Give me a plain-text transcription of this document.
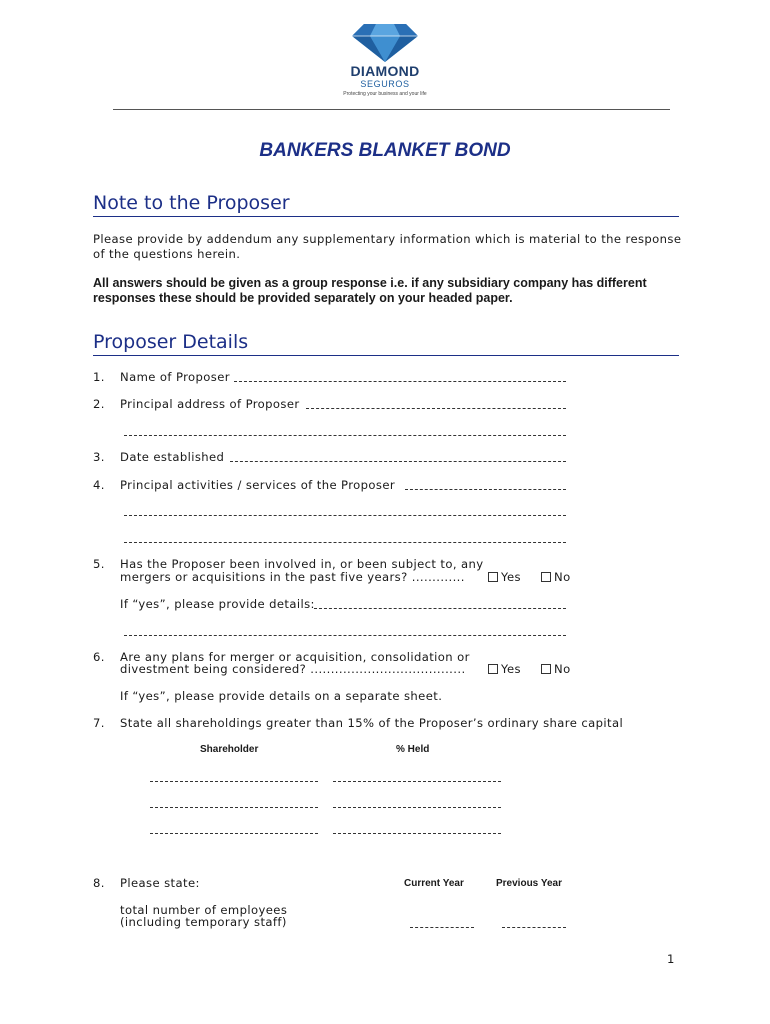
DIAMOND
SEGUROS
Protecting your business and your life
BANKERS BLANKET BOND
Note to the Proposer
Please provide by addendum any supplementary information which is material to the response of the questions herein.
All answers should be given as a group response i.e. if any subsidiary company has different responses these should be provided separately on your headed paper.
Proposer Details
1. Name of Proposer
2. Principal address of Proposer
3. Date established
4. Principal activities / services of the Proposer
5. Has the Proposer been involved in, or been subject to, any
mergers or acquisitions in the past five years? .............	Yes	No
If “yes”, please provide details:
6. Are any plans for merger or acquisition, consolidation or
divestment being considered? ......................................	Yes	No
If “yes”, please provide details on a separate sheet.
7. State all shareholdings greater than 15% of the Proposer’s ordinary share capital
Shareholder	% Held
8. Please state:	Current Year	Previous Year
total number of employees
(including temporary staff)
1
